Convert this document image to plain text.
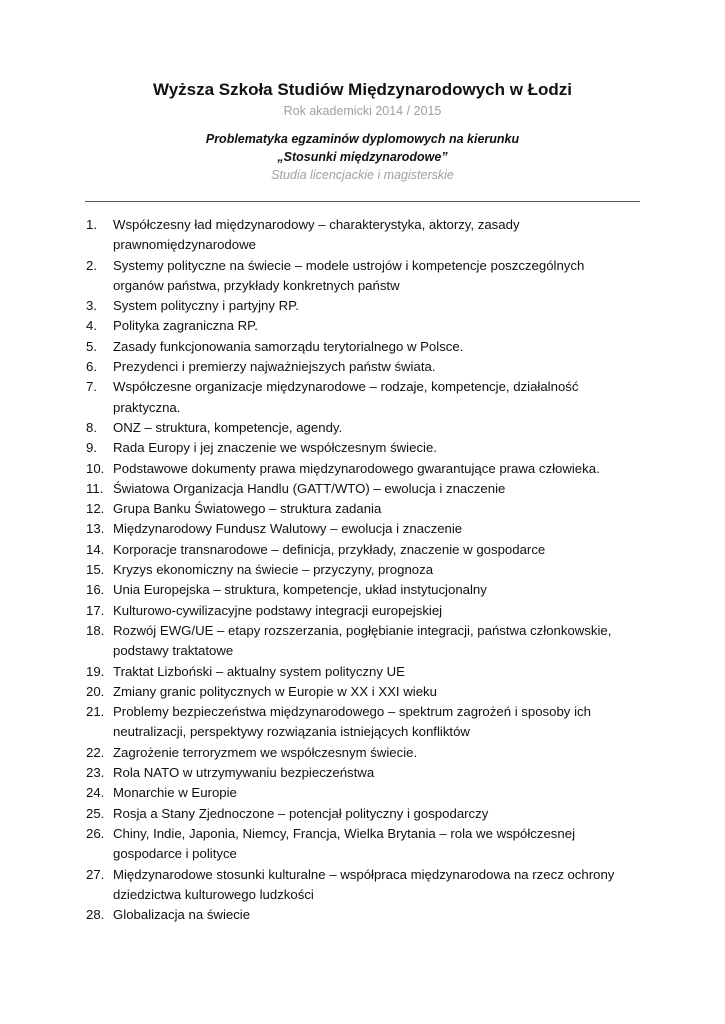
Wyższa Szkoła Studiów Międzynarodowych w Łodzi
Rok akademicki 2014 / 2015
Problematyka egzaminów dyplomowych na kierunku
„Stosunki międzynarodowe”
Studia licencjackie i magisterskie
1.	Współczesny ład międzynarodowy – charakterystyka, aktorzy, zasady
prawnomiędzynarodowe
2.	Systemy polityczne na świecie – modele ustrojów i kompetencje poszczególnych
organów państwa, przykłady konkretnych państw
3.	System polityczny i partyjny RP.
4.	Polityka zagraniczna RP.
5.	Zasady funkcjonowania samorządu terytorialnego w Polsce.
6.	Prezydenci i premierzy najważniejszych państw świata.
7.	Współczesne organizacje międzynarodowe – rodzaje, kompetencje, działalność
praktyczna.
8.	ONZ – struktura, kompetencje, agendy.
9.	Rada Europy i jej znaczenie we współczesnym świecie.
10. Podstawowe dokumenty prawa międzynarodowego gwarantujące prawa człowieka.
11. Światowa Organizacja Handlu (GATT/WTO) – ewolucja i znaczenie
12. Grupa Banku Światowego – struktura zadania
13. Międzynarodowy Fundusz Walutowy – ewolucja i znaczenie
14. Korporacje transnarodowe – definicja, przykłady, znaczenie w gospodarce
15. Kryzys ekonomiczny na świecie – przyczyny, prognoza
16. Unia Europejska – struktura, kompetencje, układ instytucjonalny
17. Kulturowo-cywilizacyjne podstawy integracji europejskiej
18. Rozwój EWG/UE – etapy rozszerzania, pogłębianie integracji, państwa członkowskie,
podstawy traktatowe
19. Traktat Lizboński – aktualny system polityczny UE
20. Zmiany granic politycznych w Europie w XX i XXI wieku
21. Problemy bezpieczeństwa międzynarodowego – spektrum zagrożeń i sposoby ich
neutralizacji, perspektywy rozwiązania istniejących konfliktów
22. Zagrożenie terroryzmem we współczesnym świecie.
23. Rola NATO w utrzymywaniu bezpieczeństwa
24. Monarchie w Europie
25. Rosja a Stany Zjednoczone – potencjał polityczny i gospodarczy
26. Chiny, Indie, Japonia, Niemcy, Francja, Wielka Brytania – rola we współczesnej
gospodarce i polityce
27. Międzynarodowe stosunki kulturalne – współpraca międzynarodowa na rzecz ochrony
dziedzictwa kulturowego ludzkości
28. Globalizacja na świecie
